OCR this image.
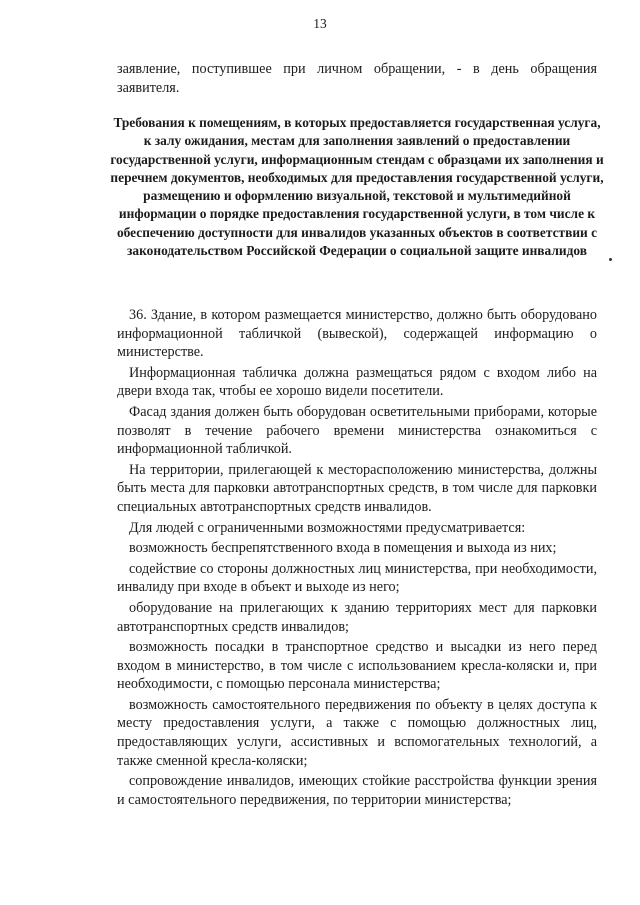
13

заявление, поступившее при личном обращении, - в день обращения заявителя.

Требования к помещениям, в которых предоставляется государственная услуга, к залу ожидания, местам для заполнения заявлений о предоставлении государственной услуги, информационным стендам с образцами их заполнения и перечнем документов, необходимых для предоставления государственной услуги, размещению и оформлению визуальной, текстовой и мультимедийной информации о порядке предоставления государственной услуги, в том числе к обеспечению доступности для инвалидов указанных объектов в соответствии с законодательством Российской Федерации о социальной защите инвалидов

36. Здание, в котором размещается министерство, должно быть оборудовано информационной табличкой (вывеской), содержащей информацию о министерстве.

Информационная табличка должна размещаться рядом с входом либо на двери входа так, чтобы ее хорошо видели посетители.

Фасад здания должен быть оборудован осветительными приборами, которые позволят в течение рабочего времени министерства ознакомиться с информационной табличкой.

На территории, прилегающей к месторасположению министерства, должны быть места для парковки автотранспортных средств, в том числе для парковки специальных автотранспортных средств инвалидов.

Для людей с ограниченными возможностями предусматривается:

возможность беспрепятственного входа в помещения и выхода из них;

содействие со стороны должностных лиц министерства, при необходимости, инвалиду при входе в объект и выходе из него;

оборудование на прилегающих к зданию территориях мест для парковки автотранспортных средств инвалидов;

возможность посадки в транспортное средство и высадки из него перед входом в министерство, в том числе с использованием кресла-коляски и, при необходимости, с помощью персонала министерства;

возможность самостоятельного передвижения по объекту в целях доступа к месту предоставления услуги, а также с помощью должностных лиц, предоставляющих услуги, ассистивных и вспомогательных технологий, а также сменной кресла-коляски;

сопровождение инвалидов, имеющих стойкие расстройства функции зрения и самостоятельного передвижения, по территории министерства;
